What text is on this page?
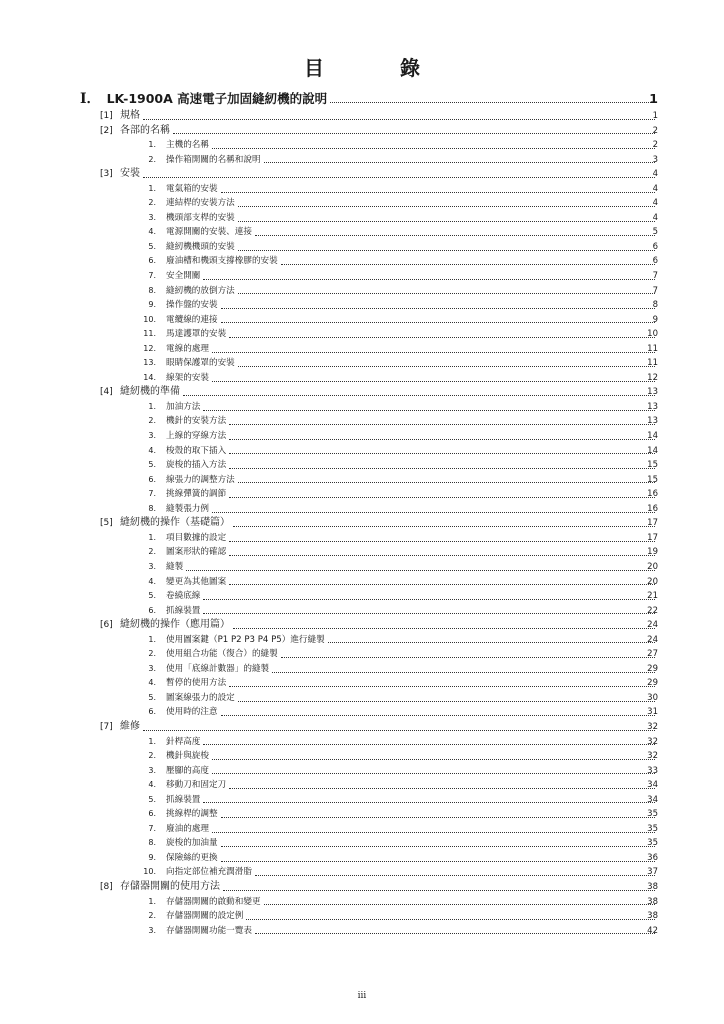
目　錄
I． LK-1900A 高速電子加固縫紉機的說明	1
[1] 規格	1
[2] 各部的名稱	2
1. 主機的名稱	2
2. 操作箱開關的名稱和說明	3
[3] 安裝	4
1. 電氣箱的安裝	4
2. 連結桿的安裝方法	4
3. 機頭部支桿的安裝	4
4. 電源開關的安裝、連接	5
5. 縫紉機機頭的安裝	6
6. 廢油槽和機頭支撐橡膠的安裝	6
7. 安全開關	7
8. 縫紉機的放倒方法	7
9. 操作盤的安裝	8
10. 電纜線的連接	9
11. 馬達護罩的安裝	10
12. 電線的處理	11
13. 眼睛保護罩的安裝	11
14. 線架的安裝	12
[4] 縫紉機的準備	13
1. 加油方法	13
2. 機針的安裝方法	13
3. 上線的穿線方法	14
4. 梭殼的取下插入	14
5. 旋梭的插入方法	15
6. 線張力的調整方法	15
7. 挑線彈簧的調節	16
8. 縫製張力例	16
[5] 縫紉機的操作（基礎篇）	17
1. 項目數據的設定	17
2. 圖案形狀的確認	19
3. 縫製	20
4. 變更為其他圖案	20
5. 卷繞底線	21
6. 抓線裝置	22
[6] 縫紉機的操作（應用篇）	24
1. 使用圖案鍵（P1 P2 P3 P4 P5）進行縫製	24
2. 使用組合功能（復合）的縫製	27
3. 使用「底線計數器」的縫製	29
4. 暫停的使用方法	29
5. 圖案線張力的設定	30
6. 使用時的注意	31
[7] 維修	32
1. 針桿高度	32
2. 機針與旋梭	32
3. 壓腳的高度	33
4. 移動刀和固定刀	34
5. 抓線裝置	34
6. 挑線桿的調整	35
7. 廢油的處理	35
8. 旋梭的加油量	35
9. 保險絲的更換	36
10. 向指定部位補充潤滑脂	37
[8] 存儲器開關的使用方法	38
1. 存儲器開關的啟動和變更	38
2. 存儲器開關的設定例	38
3. 存儲器開關功能一覽表	42
iii
